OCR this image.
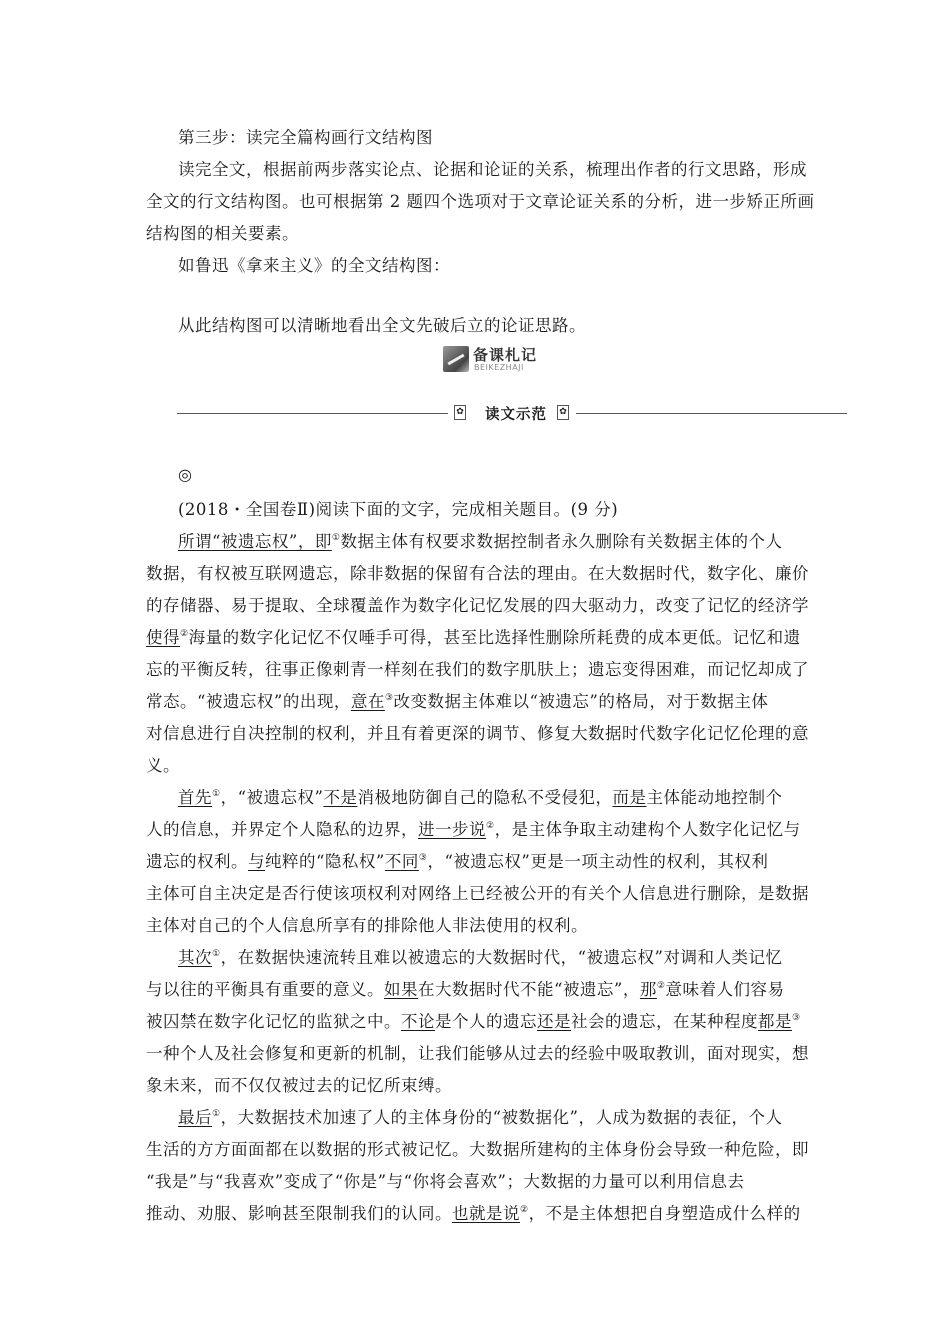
第三步：读完全篇构画行文结构图
读完全文，根据前两步落实论点、论据和论证的关系，梳理出作者的行文思路，形成
全文的行文结构图。也可根据第 2 题四个选项对于文章论证关系的分析，进一步矫正所画
结构图的相关要素。
如鲁迅《拿来主义》的全文结构图：
从此结构图可以清晰地看出全文先破后立的论证思路。
备课札记
BEIKEZHAJI
✿	读文示范	✿
◎
(2018・全国卷Ⅱ)阅读下面的文字，完成相关题目。(9 分)
所谓“被遗忘权”，即①数据主体有权要求数据控制者永久删除有关数据主体的个人
数据，有权被互联网遗忘，除非数据的保留有合法的理由。在大数据时代，数字化、廉价
的存储器、易于提取、全球覆盖作为数字化记忆发展的四大驱动力，改变了记忆的经济学
使得②海量的数字化记忆不仅唾手可得，甚至比选择性删除所耗费的成本更低。记忆和遗
忘的平衡反转，往事正像刺青一样刻在我们的数字肌肤上；遗忘变得困难，而记忆却成了
常态。“被遗忘权”的出现，意在③改变数据主体难以“被遗忘”的格局，对于数据主体
对信息进行自决控制的权利，并且有着更深的调节、修复大数据时代数字化记忆伦理的意
义。
首先①，“被遗忘权”不是消极地防御自己的隐私不受侵犯，而是主体能动地控制个
人的信息，并界定个人隐私的边界，进一步说②，是主体争取主动建构个人数字化记忆与
遗忘的权利。与纯粹的“隐私权”不同③，“被遗忘权”更是一项主动性的权利，其权利
主体可自主决定是否行使该项权利对网络上已经被公开的有关个人信息进行删除，是数据
主体对自己的个人信息所享有的排除他人非法使用的权利。
其次①，在数据快速流转且难以被遗忘的大数据时代，“被遗忘权”对调和人类记忆
与以往的平衡具有重要的意义。如果在大数据时代不能“被遗忘”，那②意味着人们容易
被囚禁在数字化记忆的监狱之中。不论是个人的遗忘还是社会的遗忘，在某种程度都是③
一种个人及社会修复和更新的机制，让我们能够从过去的经验中吸取教训，面对现实，想
象未来，而不仅仅被过去的记忆所束缚。
最后①，大数据技术加速了人的主体身份的“被数据化”，人成为数据的表征，个人
生活的方方面面都在以数据的形式被记忆。大数据所建构的主体身份会导致一种危险，即
“我是”与“我喜欢”变成了“你是”与“你将会喜欢”；大数据的力量可以利用信息去
推动、劝服、影响甚至限制我们的认同。也就是说②，不是主体想把自身塑造成什么样的
